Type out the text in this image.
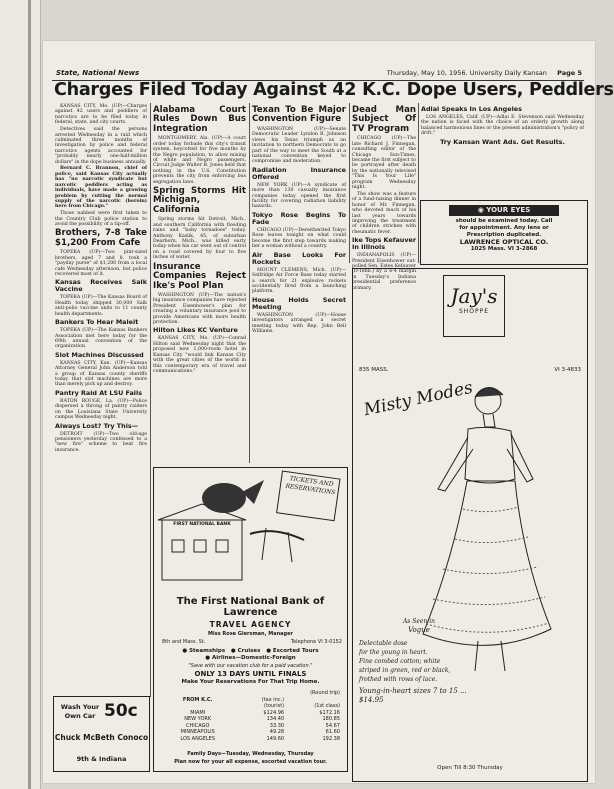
State, National News	Thursday, May 10, 1956. University Daily Kansan Page 5
Charges Filed Today Against 42 K.C. Dope Users, Peddlers

KANSAS CITY, Mo. (UP)—Charges against 42 users and peddlers of narcotics are to be filed today in federal, state, and city courts.

Detectives said the persons arrested Wednesday in a raid which culminated three months of investigation by police and federal narcotics agents accounted for "probably nearly one-half-million dollars" in the dope business annually.

Bernard C. Brannon, chief of police, said Kansas City actually has "no narcotic syndicate but narcotic peddlers acting as individuals, have made a growing problem by cutting the normal supply of the narcotic (heroin) here from Chicago."

Those nabbed were first taken to the Country Club police station to avoid the possibility of a tip-off.

Brothers, 7-8 Take $1,200 From Cafe

TOPEKA (UP)—Two pint-sized brothers, aged 7 and 8, took a "payday purse" of $1,200 from a local cafe Wednesday afternoon, but police recovered most of it.

Kansas Receives Salk Vaccine

TOPEKA (UP)—The Kansas Board of Health today shipped 30,000 Salk anti-polio vaccine units to 11 county health departments.

Bankers To Hear Maleit

TOPEKA (UP)—The Kansas Bankers Association met here today for the 69th annual convention of the organization.

Slot Machines Discussed

KANSAS CITY, Kan. (UP)—Kansas Attorney General John Anderson told a group of Kansas county sheriffs today that slot machines are more than merely pick up and destroy.

Pantry Raid At LSU Fails

BATON ROUGE, La. (UP)—Police dispersed a throng of pantry raiders on the Louisiana State University campus Wednesday night.

Always Lost? Try This—

DETROIT (UP)—Two old-age pensioners yesterday confessed to a "new fire" scheme to beat fire insurance.

Alabama Court Rules Down Bus Integration

MONTGOMERY, Ala. (UP)—A court order today forbade this city's transit system, boycotted for five months by the Negro population, to allow mixing of white and Negro passengers. Circuit Judge Walter B. Jones held that nothing in the U.S. Constitution prevents the city from enforcing bus segregation laws.

Spring Storms Hit Michigan, California

Spring storms hit Detroit, Mich., and southern California with flooding rains and "baby tornadoes" today. Anthony Kaslik, 45, of suburban Dearborn, Mich., was killed early today when his car went out of control on a road covered by four to five inches of water.

Insurance Companies Reject Ike's Pool Plan

WASHINGTON (UP)—The nation's big insurance companies have rejected President Eisenhower's plan for creating a voluntary insurance pool to provide Americans with more health protection.

Hilton Likes KC Venture

KANSAS CITY, Mo. (UP)—Conrad Hilton said Wednesday night that the proposed new 1,000-room hotel in Kansas City "would link Kansas City with the great cities of the world in this contemporary era of travel and communications."

Texan To Be Major Convention Figure

WASHINGTON (UP)—Senate Democratic Leader Lyndon B. Johnson views his Texas triumph as an invitation to northern Democrats to go part of the way to meet the South at a national convention keyed to compromise and moderation.

Radiation Insurance Offered

NEW YORK (UP)—A syndicate of more than 130 casualty insurance companies today opened the first facility for covering radiation liability hazards.

Tokyo Rose Begins To Fade

CHICAGO (UP)—Dereitherited Tokyo Rose leaves tonight on what could become the first step towards making her a woman without a country.

Air Base Looks For Rockets

MOUNT CLEMENS, Mich. (UP)—Selfridge Air Force Base today started a search for 21 explosive rockets accidentally fired from a launching platform.

House Holds Secret Meeting

WASHINGTON (UP)—House investigators arranged a secret meeting today with Rep. John Bell Williams.

Dead Man Subject Of TV Program

CHICAGO (UP)—The late Richard J. Finnegan, consulting editor of the Chicago Sun-Times, became the first subject to be portrayed after death by the nationally televised "This Is Your Life" program Wednesday night.

The show was a feature of a fund-raising dinner in honor of Mr. Finnegan, who devoted much of his last years towards improving the treatment of children stricken with rheumatic fever.

Ike Tops Kefauver In Illinois

INDIANAPOLIS (UP)—President Eisenhower out-polled Sen. Estes Kefauver (D-Tenn.) by a 6-4 margin in Tuesday's Indiana presidential preference primary.

Adlai Speaks In Los Angeles

LOS ANGELES, Calif. (UP)—Adlai E. Stevenson said Wednesday the nation is faced with the choice of an orderly growth along balanced harmonious lines or the present administration's "policy of drift."

Try Kansan Want Ads. Get Results.
◉ YOUR EYES
should be examined today. Call
for appointment. Any lens or
Prescription duplicated.
LAWRENCE OPTICAL CO.
1025 Mass. VI 3-2868
Jay's
SHOPPE
835 MASS.	VI 3-4833
Misty Modes
As Seen in
Vogue
Delectable dose
for the young in heart.
Fine combed cotton; white
striped in green, red or black,
frothed with rows of lace.
Young-in-heart sizes 7 to 15 ... $14.95
Open Till 8:30 Thursday
TICKETS AND RESERVATIONS
FIRST NATIONAL BANK
The First National Bank of Lawrence
TRAVEL AGENCY
Miss Rose Giersman, Manager
8th and Mass. St.	Telephone VI 3-0152
● Steamships ● Cruises ● Escorted Tours
● Airlines—Domestic-Foreign
"Save with our vacation club for a paid vacation."
ONLY 13 DAYS UNTIL FINALS
Make Your Reservations For That Trip Home.
	(Round trip)	
FROM K.C.	(tax inc.)	
	(tourist)	(1st class)
MIAMI	$124.96	$172.16
NEW YORK	134.40	180.85
CHICAGO	33.30	54.67
MINNEAPOLIS	49.28	61.60
LOS ANGELES	149.60	192.38
Family Days—Tuesday, Wednesday, Thursday
Plan now for your all expense, escorted vacation tour.
Wash Your
Own Car 50c
Chuck McBeth Conoco
9th & Indiana
